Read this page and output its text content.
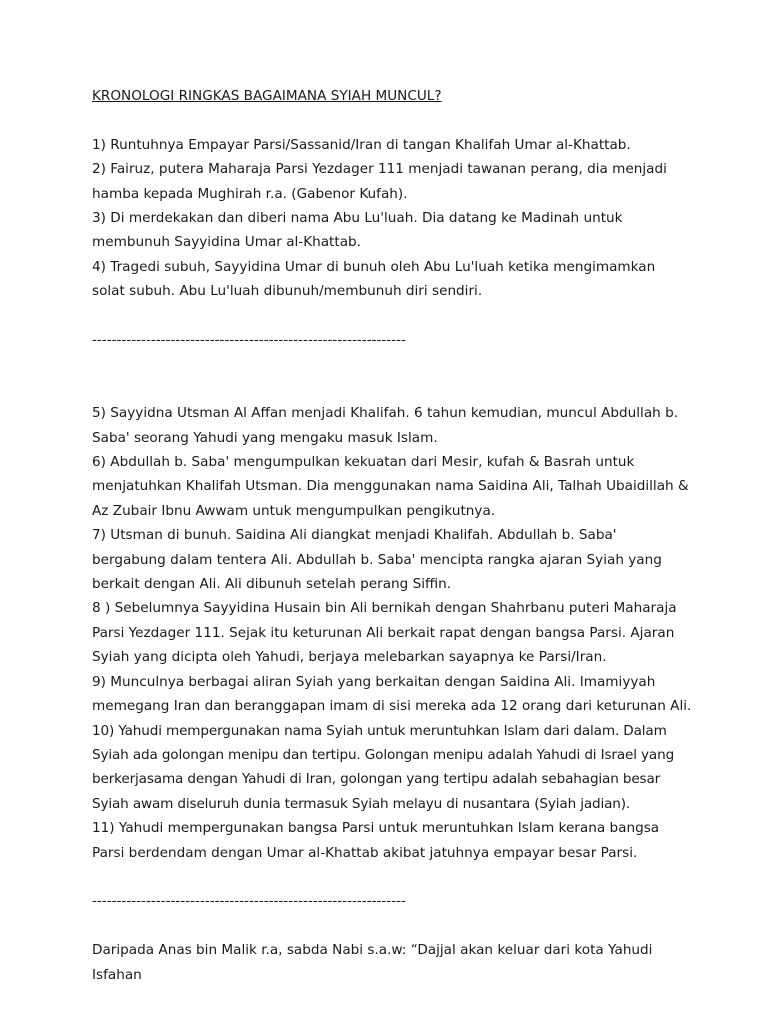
KRONOLOGI RINGKAS BAGAIMANA SYIAH MUNCUL?

1) Runtuhnya Empayar Parsi/Sassanid/Iran di tangan Khalifah Umar al-Khattab.

2) Fairuz, putera Maharaja Parsi Yezdager 111 menjadi tawanan perang, dia menjadi hamba kepada Mughirah r.a. (Gabenor Kufah).

3) Di merdekakan dan diberi nama Abu Lu'luah. Dia datang ke Madinah untuk membunuh Sayyidina Umar al-Khattab.

4) Tragedi subuh, Sayyidina Umar di bunuh oleh Abu Lu'luah ketika mengimamkan solat subuh. Abu Lu'luah dibunuh/membunuh diri sendiri.

----------------------------------------------------------------

5) Sayyidna Utsman Al Affan menjadi Khalifah. 6 tahun kemudian, muncul Abdullah b. Saba' seorang Yahudi yang mengaku masuk Islam.

6) Abdullah b. Saba' mengumpulkan kekuatan dari Mesir, kufah & Basrah untuk menjatuhkan Khalifah Utsman. Dia menggunakan nama Saidina Ali, Talhah Ubaidillah & Az Zubair Ibnu Awwam untuk mengumpulkan pengikutnya.

7) Utsman di bunuh. Saidina Ali diangkat menjadi Khalifah. Abdullah b. Saba' bergabung dalam tentera Ali. Abdullah b. Saba' mencipta rangka ajaran Syiah yang berkait dengan Ali. Ali dibunuh setelah perang Siffin.

8 ) Sebelumnya Sayyidina Husain bin Ali bernikah dengan Shahrbanu puteri Maharaja Parsi Yezdager 111. Sejak itu keturunan Ali berkait rapat dengan bangsa Parsi. Ajaran Syiah yang dicipta oleh Yahudi, berjaya melebarkan sayapnya ke Parsi/Iran.

9) Munculnya berbagai aliran Syiah yang berkaitan dengan Saidina Ali. Imamiyyah memegang Iran dan beranggapan imam di sisi mereka ada 12 orang dari keturunan Ali.

10) Yahudi mempergunakan nama Syiah untuk meruntuhkan Islam dari dalam. Dalam Syiah ada golongan menipu dan tertipu. Golongan menipu adalah Yahudi di Israel yang berkerjasama dengan Yahudi di Iran, golongan yang tertipu adalah sebahagian besar Syiah awam diseluruh dunia termasuk Syiah melayu di nusantara (Syiah jadian).

11) Yahudi mempergunakan bangsa Parsi untuk meruntuhkan Islam kerana bangsa Parsi berdendam dengan Umar al-Khattab akibat jatuhnya empayar besar Parsi.

----------------------------------------------------------------

Daripada Anas bin Malik r.a, sabda Nabi s.a.w: “Dajjal akan keluar dari kota Yahudi Isfahan
